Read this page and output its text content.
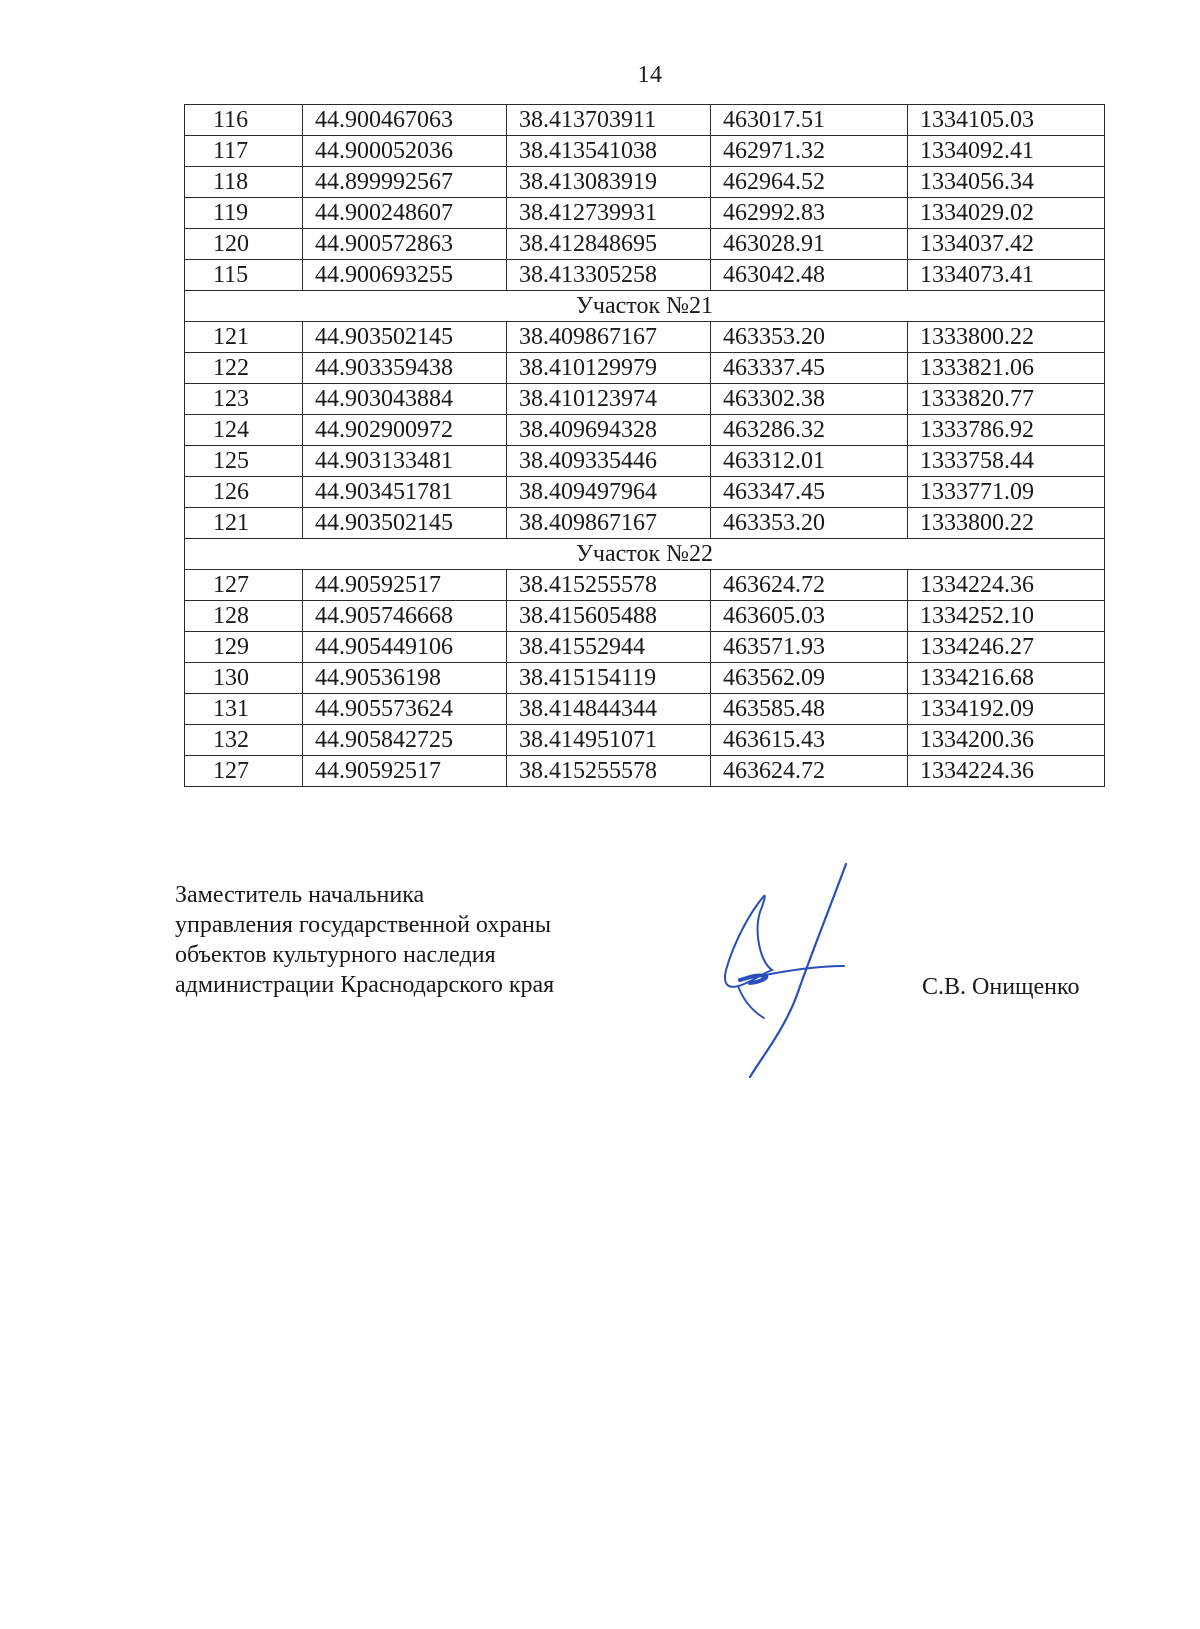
14
116	44.900467063	38.413703911	463017.51	1334105.03
117	44.900052036	38.413541038	462971.32	1334092.41
118	44.899992567	38.413083919	462964.52	1334056.34
119	44.900248607	38.412739931	462992.83	1334029.02
120	44.900572863	38.412848695	463028.91	1334037.42
115	44.900693255	38.413305258	463042.48	1334073.41
Участок №21				
121	44.903502145	38.409867167	463353.20	1333800.22
122	44.903359438	38.410129979	463337.45	1333821.06
123	44.903043884	38.410123974	463302.38	1333820.77
124	44.902900972	38.409694328	463286.32	1333786.92
125	44.903133481	38.409335446	463312.01	1333758.44
126	44.903451781	38.409497964	463347.45	1333771.09
121	44.903502145	38.409867167	463353.20	1333800.22
Участок №22				
127	44.90592517	38.415255578	463624.72	1334224.36
128	44.905746668	38.415605488	463605.03	1334252.10
129	44.905449106	38.41552944	463571.93	1334246.27
130	44.90536198	38.415154119	463562.09	1334216.68
131	44.905573624	38.414844344	463585.48	1334192.09
132	44.905842725	38.414951071	463615.43	1334200.36
127	44.90592517	38.415255578	463624.72	1334224.36
Заместитель начальника
управления государственной охраны
объектов культурного наследия
администрации Краснодарского края	С.В. Онищенко
